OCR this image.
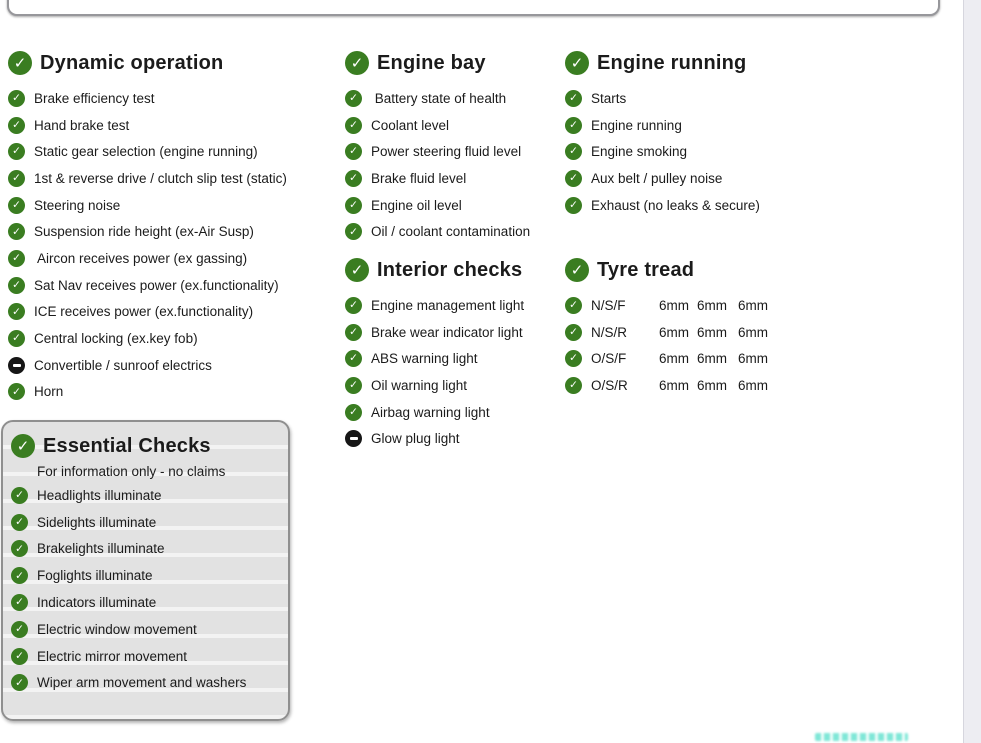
✓
Dynamic operation
✓
Brake efficiency test
✓
Hand brake test
✓
Static gear selection (engine running)
✓
1st & reverse drive / clutch slip test (static)
✓
Steering noise
✓
Suspension ride height (ex-Air Susp)
✓
Aircon receives power (ex gassing)
✓
Sat Nav receives power (ex.functionality)
✓
ICE receives power (ex.functionality)
✓
Central locking (ex.key fob)
Convertible / sunroof electrics
✓
Horn
✓
Engine bay
✓
Battery state of health
✓
Coolant level
✓
Power steering fluid level
✓
Brake fluid level
✓
Engine oil level
✓
Oil / coolant contamination
✓
Engine running
✓
Starts
✓
Engine running
✓
Engine smoking
✓
Aux belt / pulley noise
✓
Exhaust (no leaks & secure)
✓
Interior checks
✓
Engine management light
✓
Brake wear indicator light
✓
ABS warning light
✓
Oil warning light
✓
Airbag warning light
Glow plug light
✓
Tyre tread
✓
N/S/F	6mm 6mm 6mm
✓
N/S/R	6mm 6mm 6mm
✓
O/S/F	6mm 6mm 6mm
✓
O/S/R	6mm 6mm 6mm
✓
Essential Checks
For information only - no claims
✓
Headlights illuminate
✓
Sidelights illuminate
✓
Brakelights illuminate
✓
Foglights illuminate
✓
Indicators illuminate
✓
Electric window movement
✓
Electric mirror movement
✓
Wiper arm movement and washers
